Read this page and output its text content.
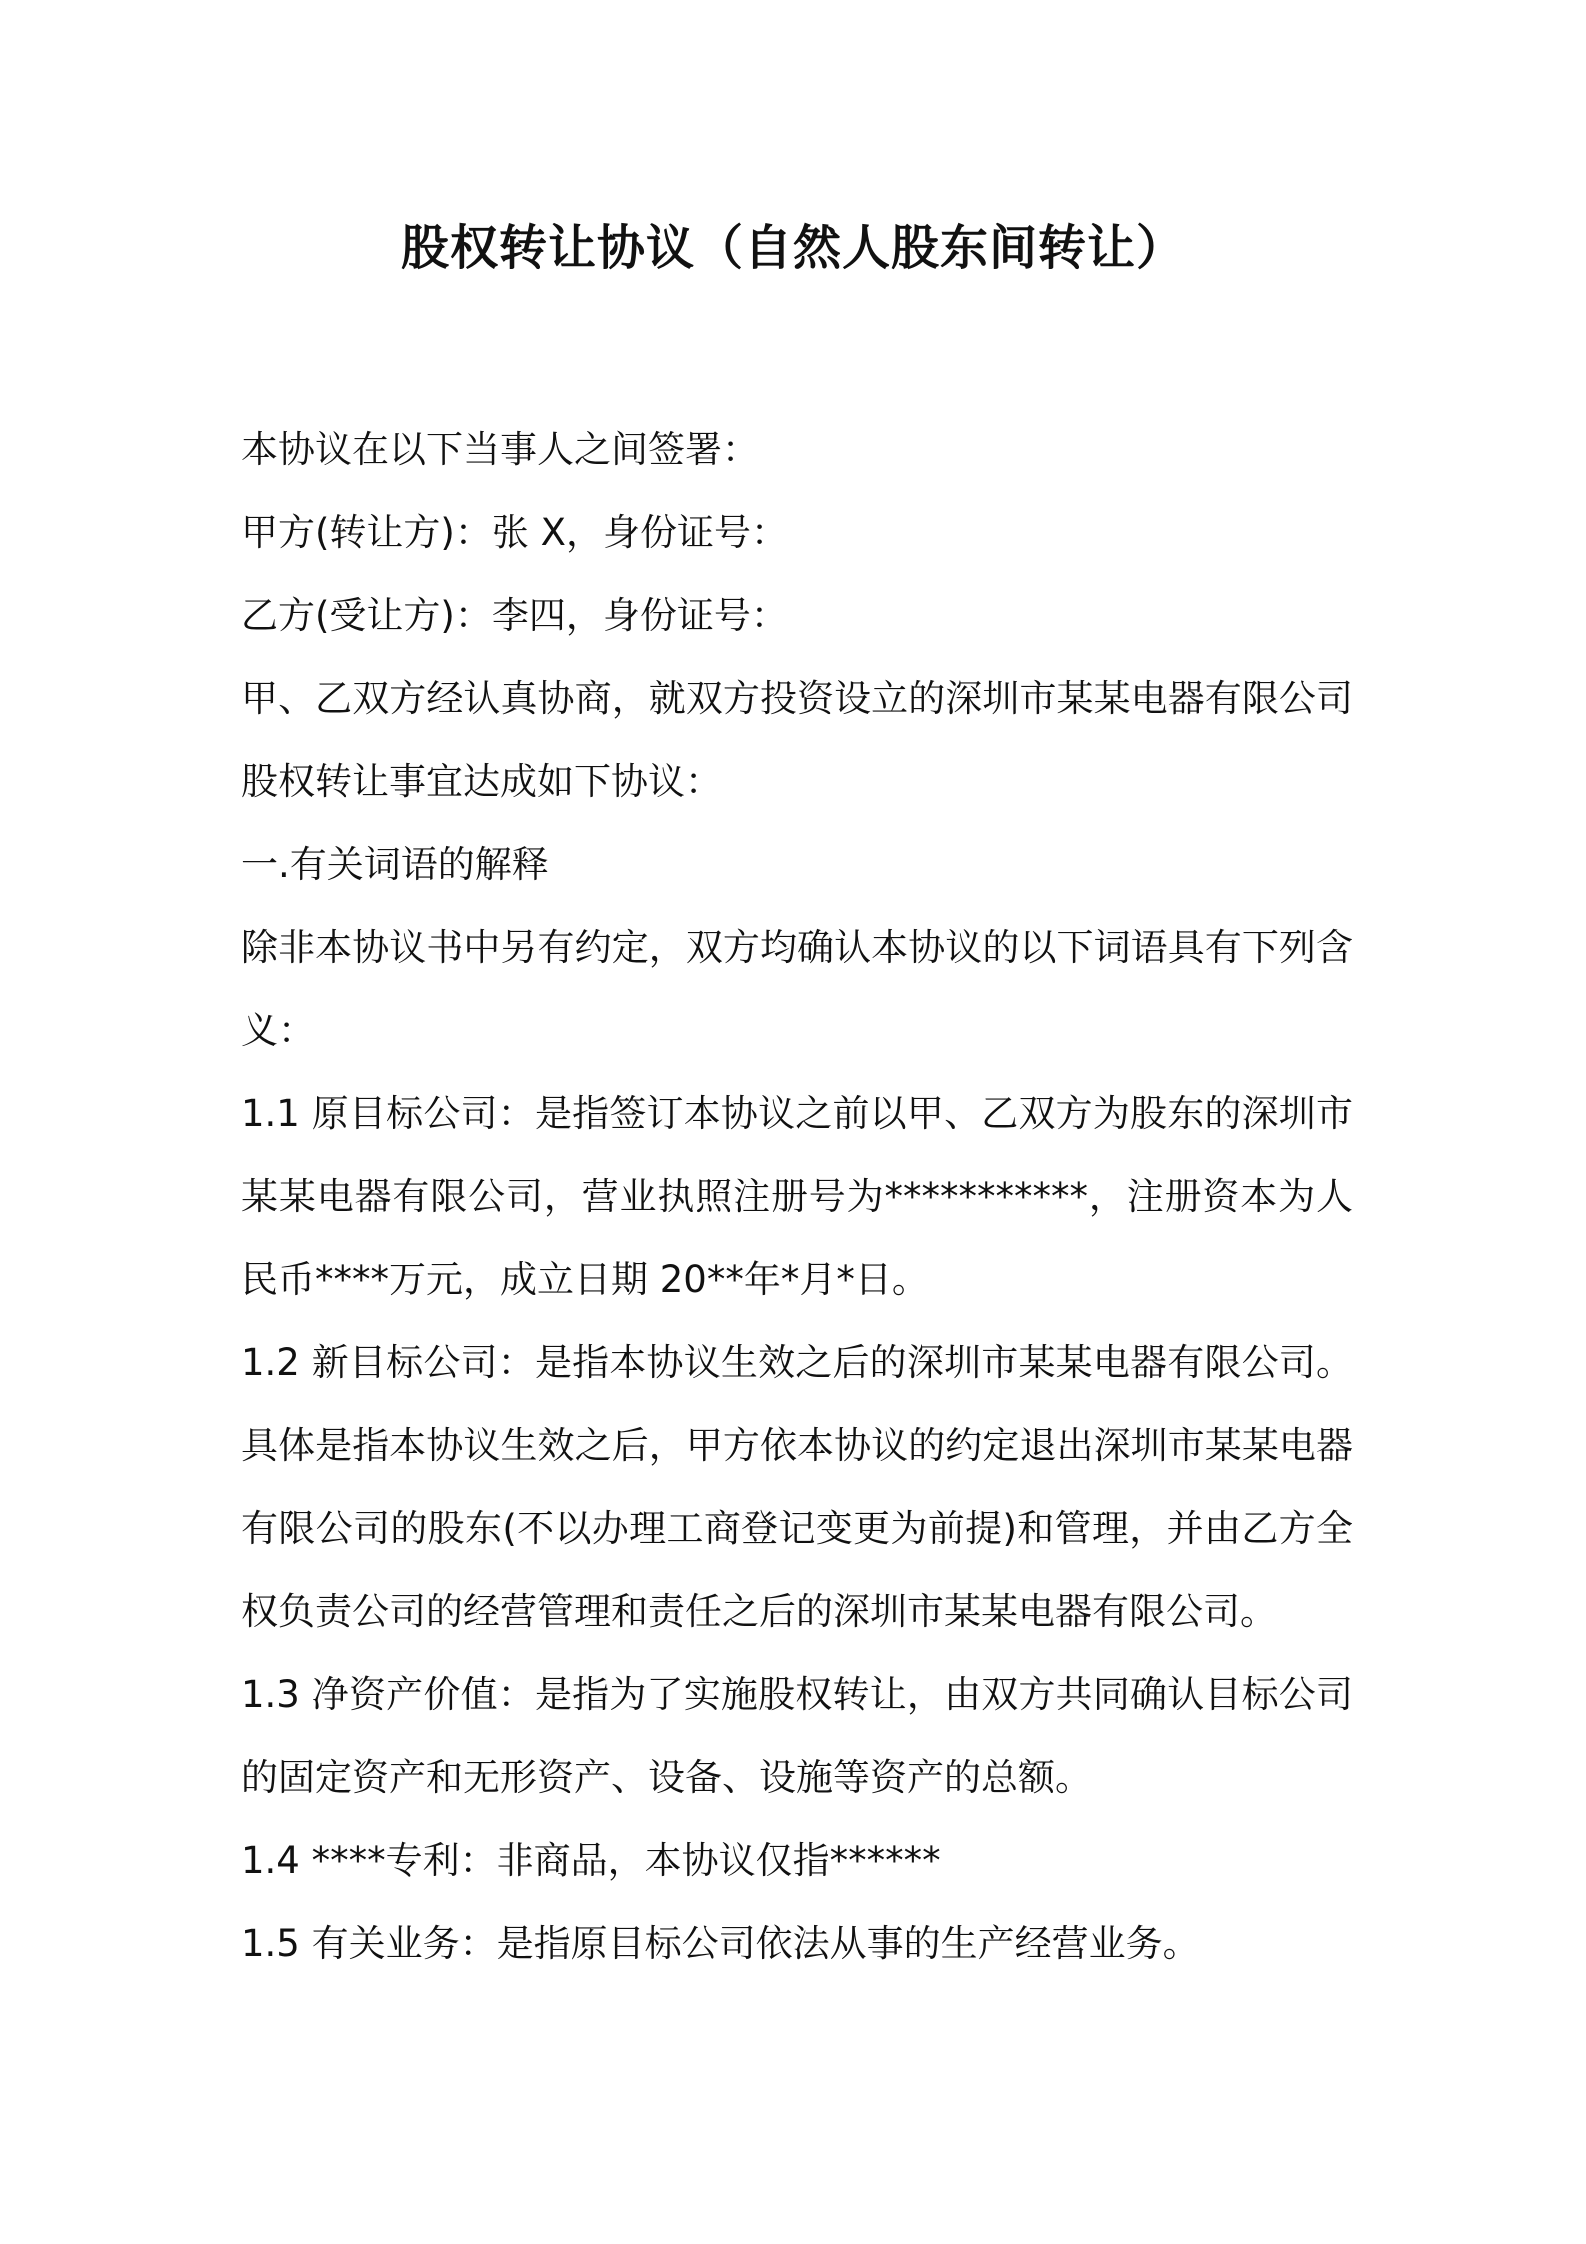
股权转让协议（自然人股东间转让）
本协议在以下当事人之间签署：
甲方(转让方)：张 X，身份证号：
乙方(受让方)：李四，身份证号：
甲、乙双方经认真协商，就双方投资设立的深圳市某某电器有限公司
股权转让事宜达成如下协议：
一.有关词语的解释
除非本协议书中另有约定，双方均确认本协议的以下词语具有下列含
义：
1.1 原目标公司：是指签订本协议之前以甲、乙双方为股东的深圳市
某某电器有限公司，营业执照注册号为***********，注册资本为人
民币****万元，成立日期 20**年*月*日。
1.2 新目标公司：是指本协议生效之后的深圳市某某电器有限公司。
具体是指本协议生效之后，甲方依本协议的约定退出深圳市某某电器
有限公司的股东(不以办理工商登记变更为前提)和管理，并由乙方全
权负责公司的经营管理和责任之后的深圳市某某电器有限公司。
1.3 净资产价值：是指为了实施股权转让，由双方共同确认目标公司
的固定资产和无形资产、设备、设施等资产的总额。
1.4 ****专利：非商品，本协议仅指******
1.5 有关业务：是指原目标公司依法从事的生产经营业务。
